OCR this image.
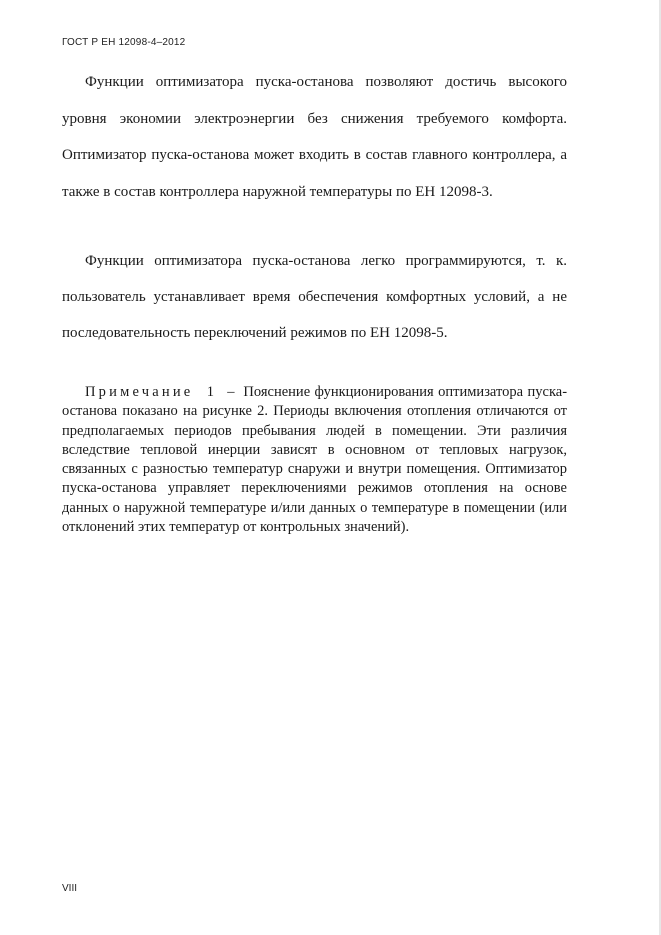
ГОСТ Р ЕН 12098-4–2012

Функции оптимизатора пуска-останова позволяют достичь высокого уровня экономии электроэнергии без снижения требуемого комфорта. Оптимизатор пуска-останова может входить в состав главного контроллера, а также в состав контроллера наружной температуры по ЕН 12098-3.

Функции оптимизатора пуска-останова легко программируются, т. к. пользователь устанавливает время обеспечения комфортных условий, а не последовательность переключений режимов по ЕН 12098-5.

Примечание 1 – Пояснение функционирования оптимизатора пуска-останова показано на рисунке 2. Периоды включения отопления отличаются от предполагаемых периодов пребывания людей в помещении. Эти различия вследствие тепловой инерции зависят в основном от тепловых нагрузок, связанных с разностью температур снаружи и внутри помещения. Оптимизатор пуска-останова управляет переключениями режимов отопления на основе данных о наружной температуре и/или данных о температуре в помещении (или отклонений этих температур от контрольных значений).

VIII
